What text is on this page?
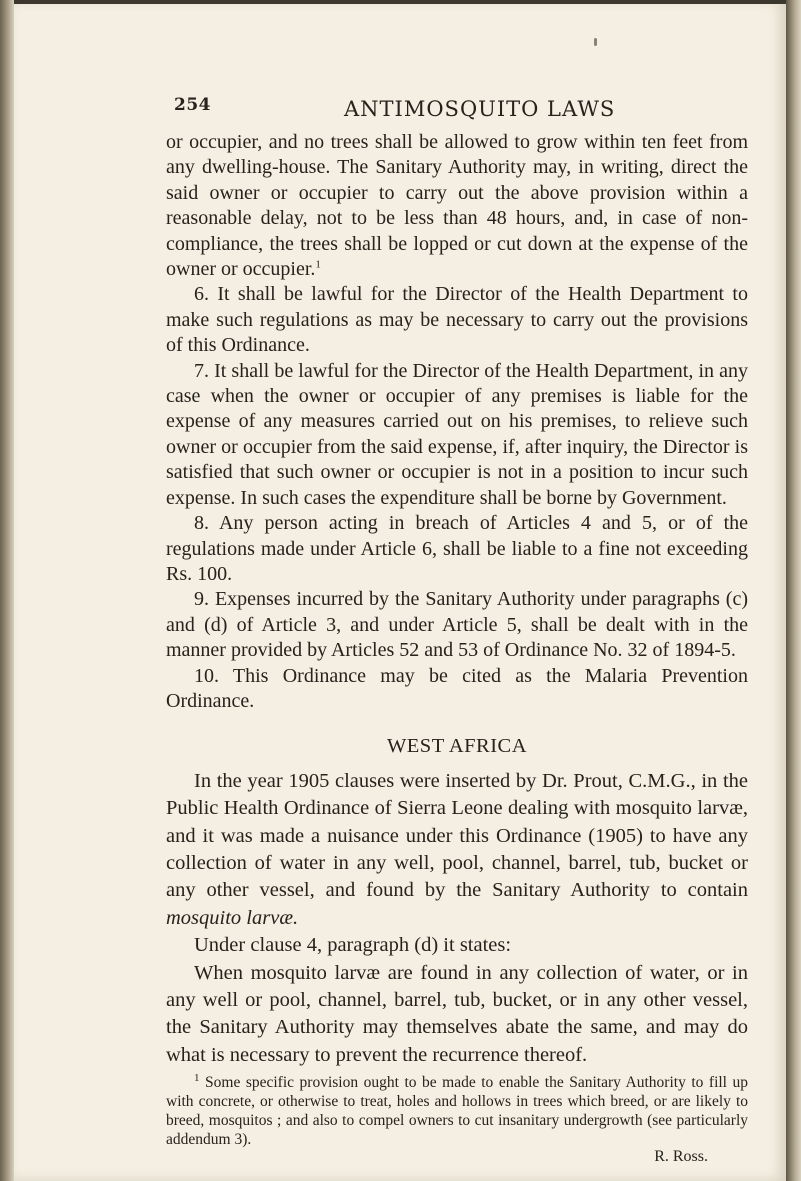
254	ANTIMOSQUITO LAWS

or occupier, and no trees shall be allowed to grow within ten feet from any dwelling-house. The Sanitary Authority may, in writing, direct the said owner or occupier to carry out the above provision within a reasonable delay, not to be less than 48 hours, and, in case of non-compliance, the trees shall be lopped or cut down at the expense of the owner or occupier.$^1$

6. It shall be lawful for the Director of the Health Department to make such regulations as may be necessary to carry out the provisions of this Ordinance.

7. It shall be lawful for the Director of the Health Department, in any case when the owner or occupier of any premises is liable for the expense of any measures carried out on his premises, to relieve such owner or occupier from the said expense, if, after inquiry, the Director is satisfied that such owner or occupier is not in a position to incur such expense. In such cases the expenditure shall be borne by Government.

8. Any person acting in breach of Articles 4 and 5, or of the regulations made under Article 6, shall be liable to a fine not exceeding Rs. 100.

9. Expenses incurred by the Sanitary Authority under paragraphs (c) and (d) of Article 3, and under Article 5, shall be dealt with in the manner provided by Articles 52 and 53 of Ordinance No. 32 of 1894-5.

10. This Ordinance may be cited as the Malaria Prevention Ordinance.

WEST AFRICA

In the year 1905 clauses were inserted by Dr. Prout, C.M.G., in the Public Health Ordinance of Sierra Leone dealing with mosquito larvæ, and it was made a nuisance under this Ordinance (1905) to have any collection of water in any well, pool, channel, barrel, tub, bucket or any other vessel, and found by the Sanitary Authority to contain mosquito larvæ.

Under clause 4, paragraph (d) it states:

When mosquito larvæ are found in any collection of water, or in any well or pool, channel, barrel, tub, bucket, or in any other vessel, the Sanitary Authority may themselves abate the same, and may do what is necessary to prevent the recurrence thereof.

$^1$ Some specific provision ought to be made to enable the Sanitary Authority to fill up with concrete, or otherwise to treat, holes and hollows in trees which breed, or are likely to breed, mosquitos ; and also to compel owners to cut insanitary undergrowth (see particularly addendum 3).

R. Ross.
